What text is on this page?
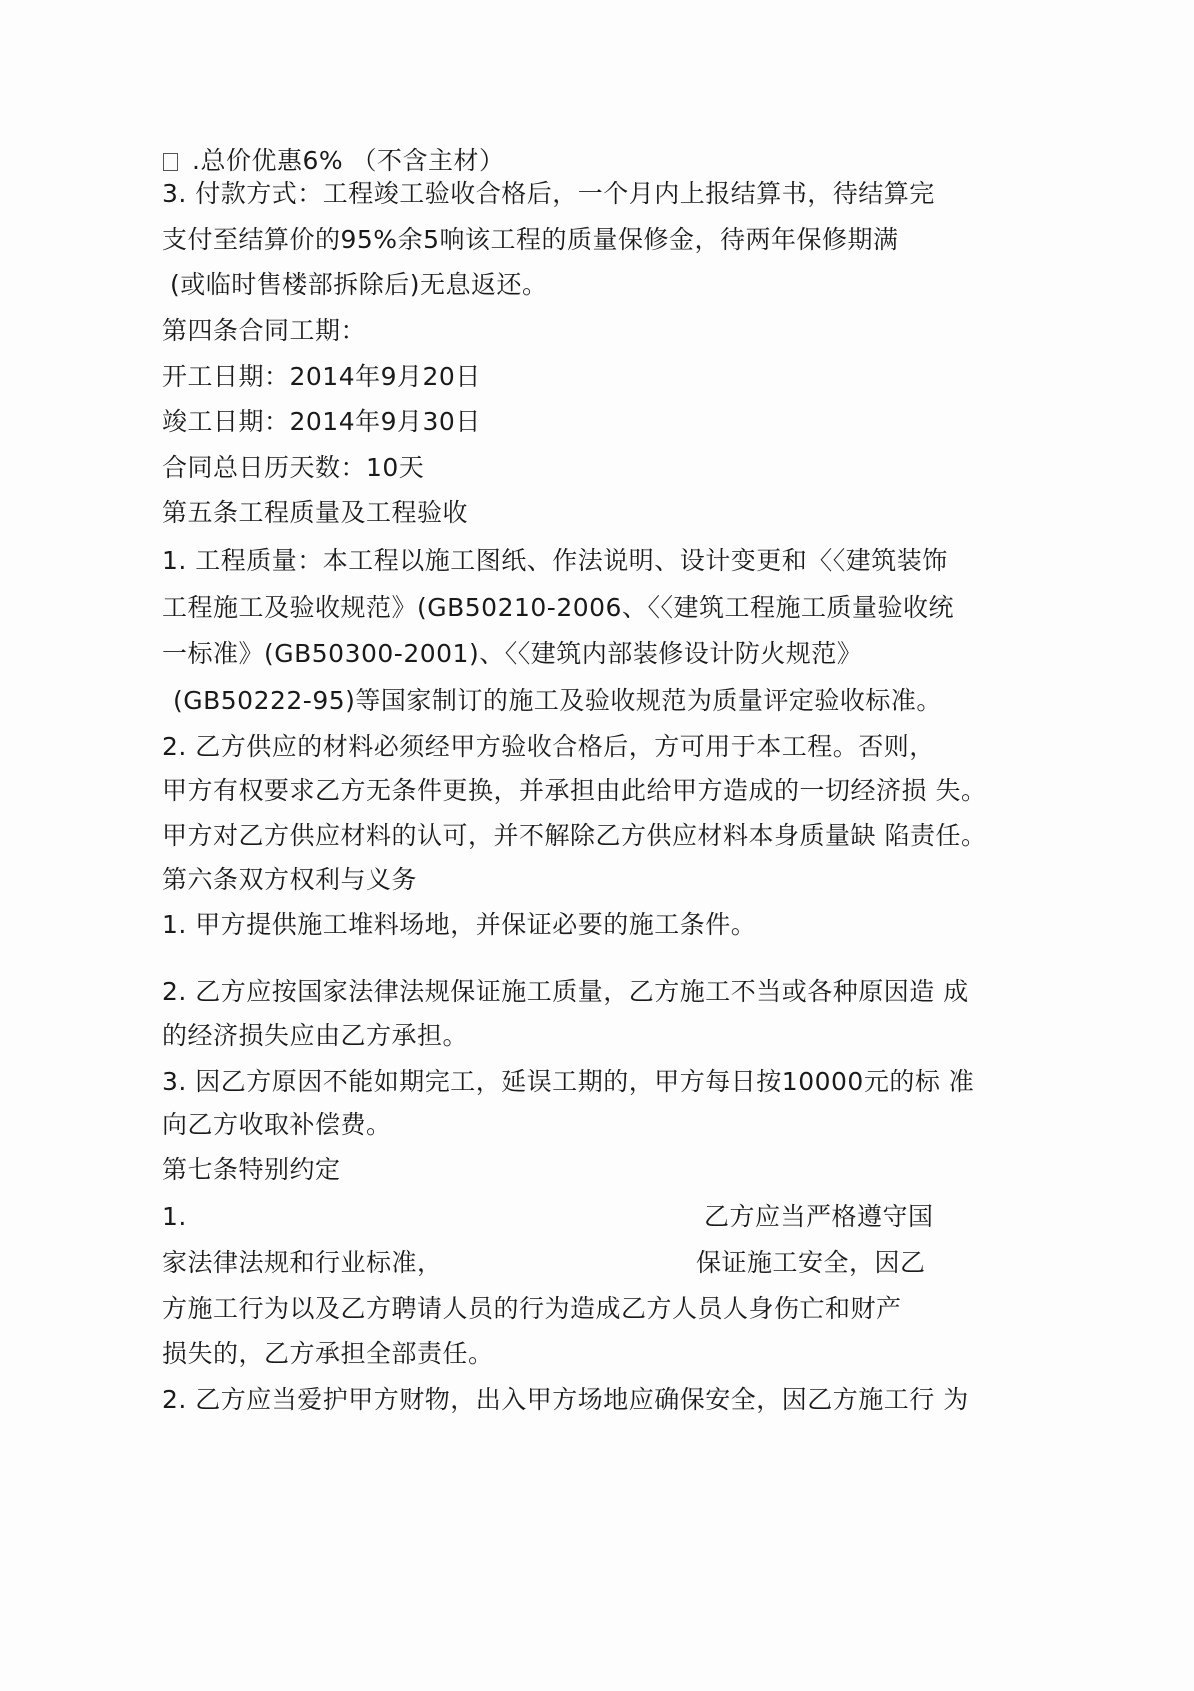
.总价优惠6% （不含主材）
3. 付款方式：工程竣工验收合格后，一个月内上报结算书，待结算完
支付至结算价的95%余5响该工程的质量保修金，待两年保修期满
(或临时售楼部拆除后)无息返还。
第四条合同工期：
开工日期：2014年9月20日
竣工日期：2014年9月30日
合同总日历天数：10天
第五条工程质量及工程验收
1. 工程质量：本工程以施工图纸、作法说明、设计变更和〈〈建筑装饰
工程施工及验收规范》(GB50210-2006、〈〈建筑工程施工质量验收统
一标准》(GB50300-2001)、〈〈建筑内部装修设计防火规范》
(GB50222-95)等国家制订的施工及验收规范为质量评定验收标准。
2. 乙方供应的材料必须经甲方验收合格后，方可用于本工程。否则，
甲方有权要求乙方无条件更换，并承担由此给甲方造成的一切经济损 失。
甲方对乙方供应材料的认可，并不解除乙方供应材料本身质量缺 陷责任。
第六条双方权利与义务
1. 甲方提供施工堆料场地，并保证必要的施工条件。
2. 乙方应按国家法律法规保证施工质量，乙方施工不当或各种原因造 成
的经济损失应由乙方承担。
3. 因乙方原因不能如期完工，延误工期的，甲方每日按10000元的标 准
向乙方收取补偿费。
第七条特别约定
1.	乙方应当严格遵守国
家法律法规和行业标准，	保证施工安全，因乙
方施工行为以及乙方聘请人员的行为造成乙方人员人身伤亡和财产
损失的，乙方承担全部责任。
2. 乙方应当爱护甲方财物，出入甲方场地应确保安全，因乙方施工行 为
